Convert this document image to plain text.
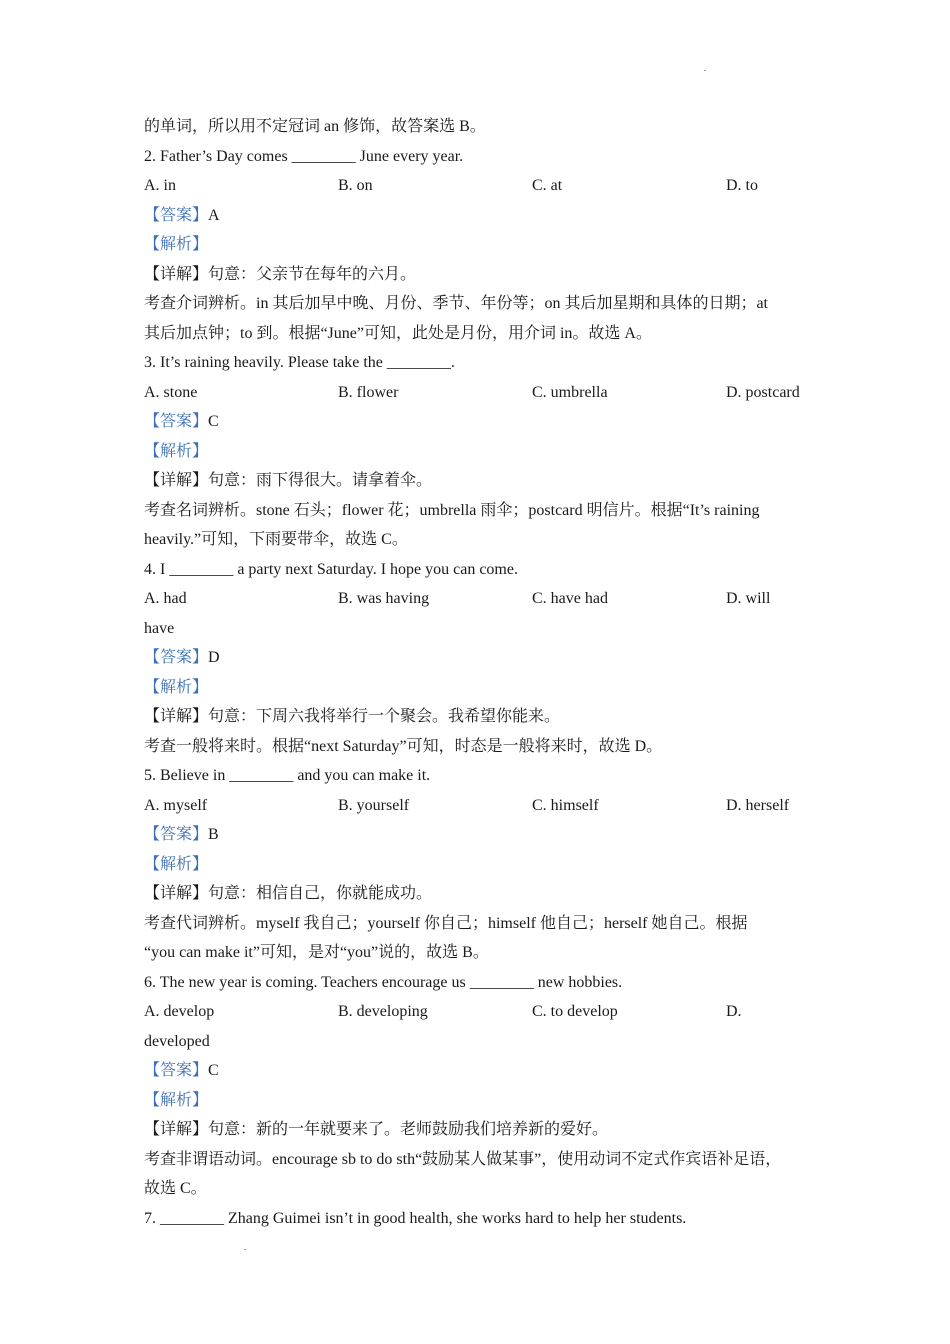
的单词，所以用不定冠词 an 修饰，故答案选 B。
2. Father’s Day comes ________ June every year.
A. in	B. on	C. at	D. to
【答案】A
【解析】
【详解】句意：父亲节在每年的六月。
考查介词辨析。in 其后加早中晚、月份、季节、年份等；on 其后加星期和具体的日期；at
其后加点钟；to 到。根据“June”可知，此处是月份，用介词 in。故选 A。
3. It’s raining heavily. Please take the ________.
A. stone	B. flower	C. umbrella	D. postcard
【答案】C
【解析】
【详解】句意：雨下得很大。请拿着伞。
考查名词辨析。stone 石头；flower 花；umbrella 雨伞；postcard 明信片。根据“It’s raining
heavily.”可知，下雨要带伞，故选 C。
4. I ________ a party next Saturday. I hope you can come.
A. had	B. was having	C. have had	D. will
have
【答案】D
【解析】
【详解】句意：下周六我将举行一个聚会。我希望你能来。
考查一般将来时。根据“next Saturday”可知，时态是一般将来时，故选 D。
5. Believe in ________ and you can make it.
A. myself	B. yourself	C. himself	D. herself
【答案】B
【解析】
【详解】句意：相信自己，你就能成功。
考查代词辨析。myself 我自己；yourself 你自己；himself 他自己；herself 她自己。根据
“you can make it”可知，是对“you”说的，故选 B。
6. The new year is coming. Teachers encourage us ________ new hobbies.
A. develop	B. developing	C. to develop	D.
developed
【答案】C
【解析】
【详解】句意：新的一年就要来了。老师鼓励我们培养新的爱好。
考查非谓语动词。encourage sb to do sth“鼓励某人做某事”，使用动词不定式作宾语补足语，
故选 C。
7. ________ Zhang Guimei isn’t in good health, she works hard to help her students.
